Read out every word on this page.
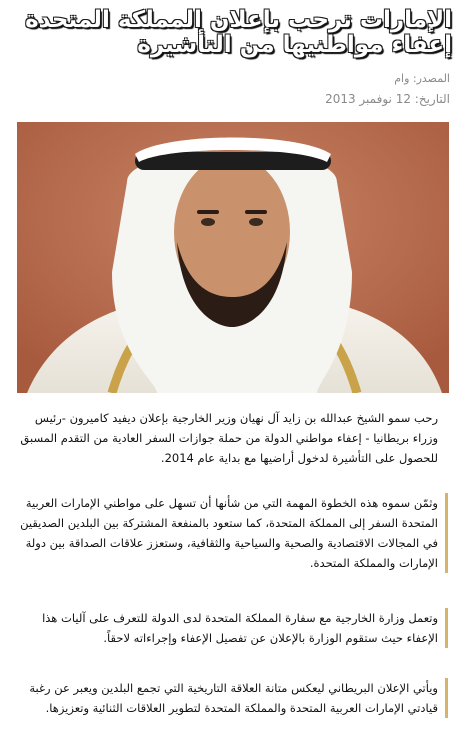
الإمارات ترحب بإعلان المملكة المتحدة إعفاء مواطنيها من التأشيرة
المصدر: وام
التاريخ: 12 نوفمبر 2013
رحب سمو الشيخ عبدالله بن زايد آل نهيان وزير الخارجية بإعلان ديفيد كاميرون -رئيس وزراء بريطانيا - إعفاء مواطني الدولة من حملة جوازات السفر العادية من التقدم المسبق للحصول على التأشيرة لدخول أراضيها مع بداية عام 2014.
وثمّن سموه هذه الخطوة المهمة التي من شأنها أن تسهل على مواطني الإمارات العربية المتحدة السفر إلى المملكة المتحدة، كما ستعود بالمنفعة المشتركة بين البلدين الصديقين في المجالات الاقتصادية والصحية والسياحية والثقافية، وستعزز علاقات الصداقة بين دولة الإمارات والمملكة المتحدة.
وتعمل وزارة الخارجية مع سفارة المملكة المتحدة لدى الدولة للتعرف على آليات هذا الإعفاء حيث ستقوم الوزارة بالإعلان عن تفصيل الإعفاء وإجراءاته لاحقاً.
ويأتي الإعلان البريطاني ليعكس متانة العلاقة التاريخية التي تجمع البلدين ويعبر عن رغبة قيادتي الإمارات العربية المتحدة والمملكة المتحدة لتطوير العلاقات الثنائية وتعزيزها.
